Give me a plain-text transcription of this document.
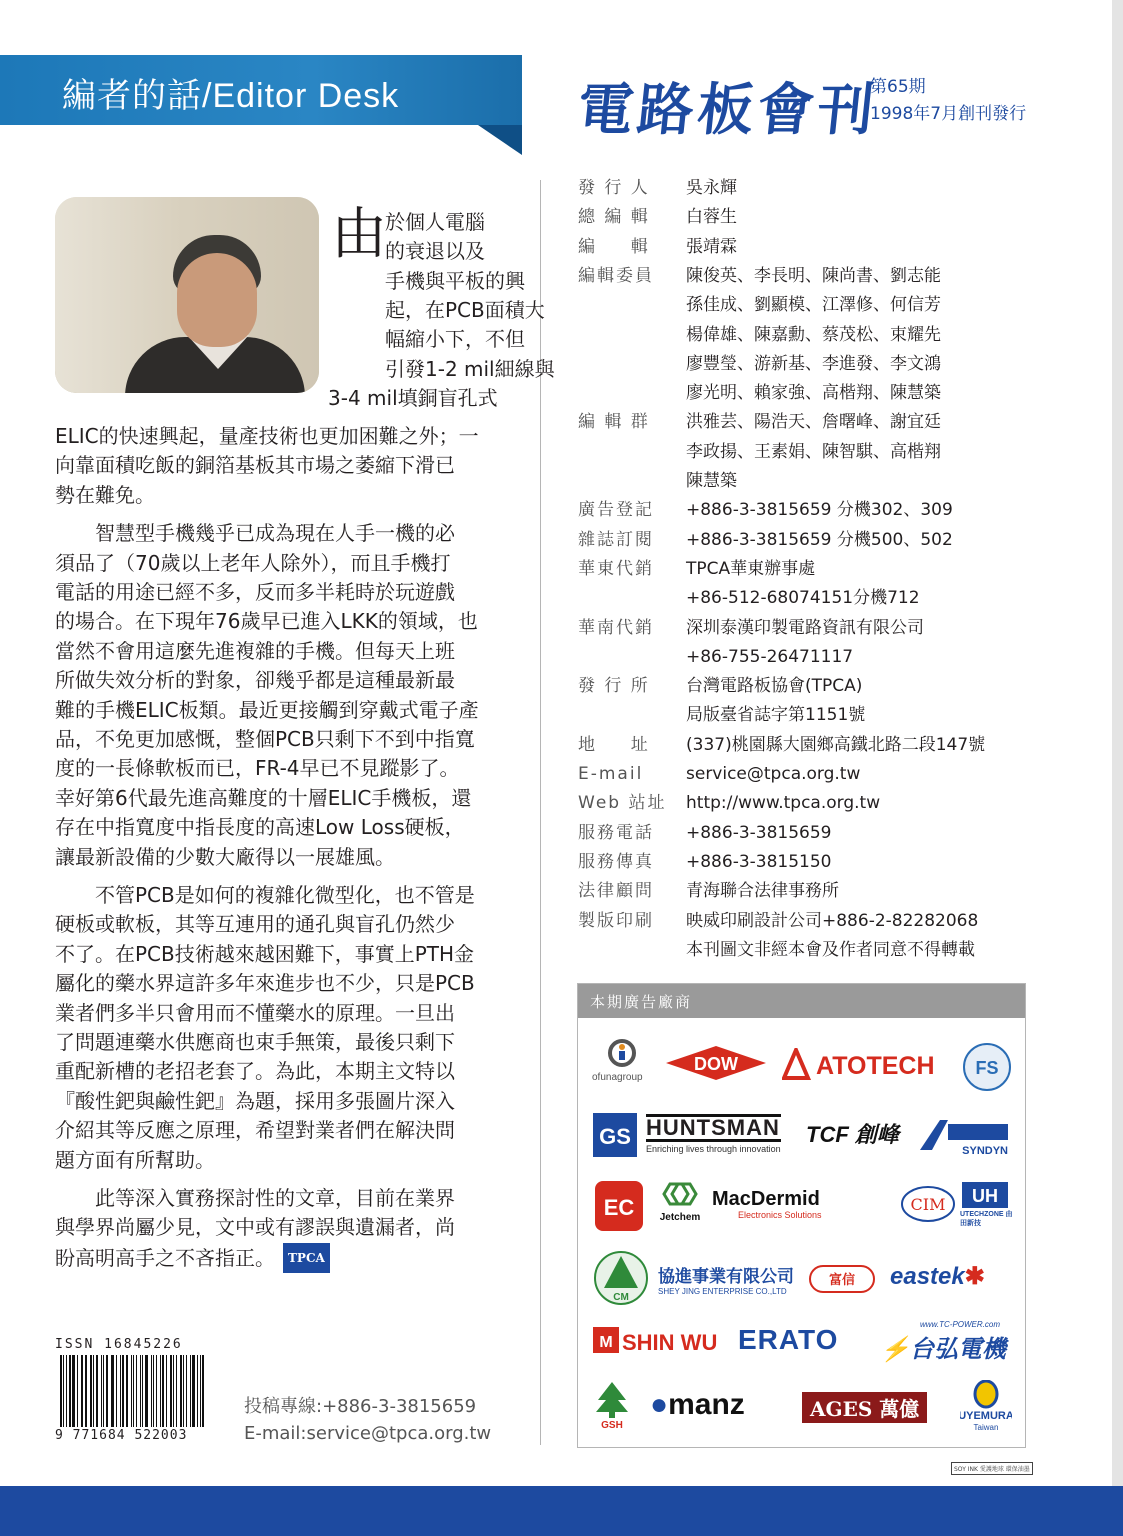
編者的話/Editor Desk	電路板會刊
第65期
1998年7月創刊發行
由
於個人電腦
的衰退以及
手機與平板的興
起，在PCB面積大
幅縮小下，不但
引發1-2 mil細線與
3-4 mil填銅盲孔式
ELIC的快速興起，量產技術也更加困難之外；一
向靠面積吃飯的銅箔基板其市場之萎縮下滑已
勢在難免。
　　智慧型手機幾乎已成為現在人手一機的必
須品了（70歲以上老年人除外），而且手機打
電話的用途已經不多，反而多半耗時於玩遊戲
的場合。在下現年76歲早已進入LKK的領域，也
當然不會用這麼先進複雜的手機。但每天上班
所做失效分析的對象，卻幾乎都是這種最新最
難的手機ELIC板類。最近更接觸到穿戴式電子產
品，不免更加感慨，整個PCB只剩下不到中指寬
度的一長條軟板而已，FR-4早已不見蹤影了。
幸好第6代最先進高難度的十層ELIC手機板，還
存在中指寬度中指長度的高速Low Loss硬板，
讓最新設備的少數大廠得以一展雄風。
　　不管PCB是如何的複雜化微型化，也不管是
硬板或軟板，其等互連用的通孔與盲孔仍然少
不了。在PCB技術越來越困難下，事實上PTH金
屬化的藥水界這許多年來進步也不少，只是PCB
業者們多半只會用而不懂藥水的原理。一旦出
了問題連藥水供應商也束手無策，最後只剩下
重配新槽的老招老套了。為此，本期主文特以
『酸性鈀與鹼性鈀』為題，採用多張圖片深入
介紹其等反應之原理，希望對業者們在解決問
題方面有所幫助。
　　此等深入實務探討性的文章，目前在業界
與學界尚屬少見，文中或有謬誤與遺漏者，尚
盼高明高手之不吝指正。 TPCA
ISSN 16845226
9 771684 522003
投稿專線:+886-3-3815659
E-mail:service@tpca.org.tw
發 行 人 吳永輝
總 編 輯 白蓉生
編 　 輯 張靖霖
編輯委員 陳俊英、李長明、陳尚書、劉志能
孫佳成、劉顯模、江澤修、何信芳
楊偉雄、陳嘉勳、蔡茂松、束耀先
廖豐瑩、游新基、李進發、李文鴻
廖光明、賴家強、高楷翔、陳慧築
編 輯 群 洪雅芸、陽浩天、詹曙峰、謝宜廷
李政揚、王素娟、陳智騏、高楷翔
陳慧築
廣告登記 +886-3-3815659 分機302、309
雜誌訂閱 +886-3-3815659 分機500、502
華東代銷 TPCA華東辦事處
+86-512-68074151分機712
華南代銷 深圳泰漢印製電路資訊有限公司
+86-755-26471117
發 行 所 台灣電路板協會(TPCA)
局版臺省誌字第1151號
地 　 址 (337)桃園縣大園鄉高鐵北路二段147號
E-mail	service@tpca.org.tw
Web 站址 http://www.tpca.org.tw
服務電話 +886-3-3815659
服務傳真 +886-3-3815150
法律顧問 青海聯合法律事務所
製版印刷 映威印刷設計公司+886-2-82282068
本刊圖文非經本會及作者同意不得轉載
本期廣告廠商
ofunagroup
DOW	ATOTECH FS
GS HUNTSMAN
Enriching lives through innovation
TCF 創峰
SYNDYN
EC	Jetchem
MacDermid
Electronics Solutions
CIM UH
UTECHZONE 由田新技
CM
協進事業有限公司
SHEY JING ENTERPRISE CO.,LTD
富信 eastek✱
M SHIN WU ERATO	www.TC-POWER.com
⚡台弘電機
GSH
●manz	AGES 萬億	UYEMURA
Taiwan
SOY INK 愛護地球 環保油墨
